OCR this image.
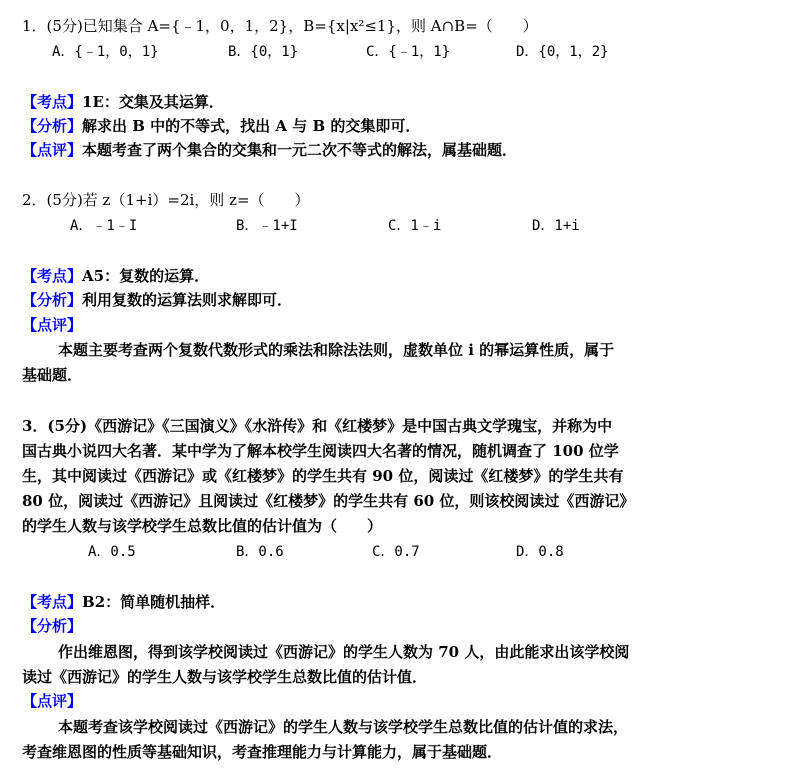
1．(5分)已知集合 A={﹣1，0，1，2}，B={x|x²≤1}，则 A∩B=（　　）
A．{﹣1，0，1}	B．{0，1}	C．{﹣1，1}	D．{0，1，2}
【考点】1E：交集及其运算．
【分析】解求出 B 中的不等式，找出 A 与 B 的交集即可．
【点评】本题考查了两个集合的交集和一元二次不等式的解法，属基础题．
2．(5分)若 z（1+i）=2i，则 z=（　　）
A．﹣1﹣I	B．﹣1+I	C．1﹣i	D．1+i
【考点】A5：复数的运算．
【分析】利用复数的运算法则求解即可．
【点评】
本题主要考查两个复数代数形式的乘法和除法法则，虚数单位 i 的幂运算性质，属于
基础题．
3．(5分)《西游记》《三国演义》《水浒传》和《红楼梦》是中国古典文学瑰宝，并称为中
国古典小说四大名著．某中学为了解本校学生阅读四大名著的情况，随机调查了 100 位学
生，其中阅读过《西游记》或《红楼梦》的学生共有 90 位，阅读过《红楼梦》的学生共有
80 位，阅读过《西游记》且阅读过《红楼梦》的学生共有 60 位，则该校阅读过《西游记》
的学生人数与该学校学生总数比值的估计值为（　　）
A．0.5	B．0.6	C．0.7	D．0.8
【考点】B2：简单随机抽样．
【分析】
作出维恩图，得到该学校阅读过《西游记》的学生人数为 70 人，由此能求出该学校阅
读过《西游记》的学生人数与该学校学生总数比值的估计值．
【点评】
本题考查该学校阅读过《西游记》的学生人数与该学校学生总数比值的估计值的求法，
考查维恩图的性质等基础知识，考查推理能力与计算能力，属于基础题．
